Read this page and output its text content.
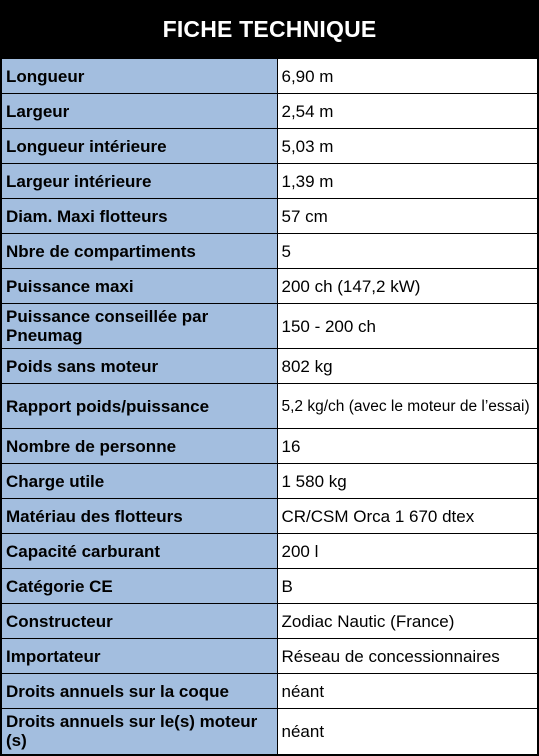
FICHE TECHNIQUE
Longueur	6,90 m
Largeur	2,54 m
Longueur intérieure	5,03 m
Largeur intérieure	1,39 m
Diam. Maxi flotteurs	57 cm
Nbre de compartiments	5
Puissance maxi	200 ch (147,2 kW)
Puissance conseillée par Pneumag	150 - 200 ch
Poids sans moteur	802 kg
Rapport poids/puissance	5,2 kg/ch (avec le moteur de l’essai)
Nombre de personne	16
Charge utile	1 580 kg
Matériau des flotteurs	CR/CSM Orca 1 670 dtex
Capacité carburant	200 l
Catégorie CE	B
Constructeur	Zodiac Nautic (France)
Importateur	Réseau de concessionnaires
Droits annuels sur la coque	néant
Droits annuels sur le(s) moteur (s)	néant
